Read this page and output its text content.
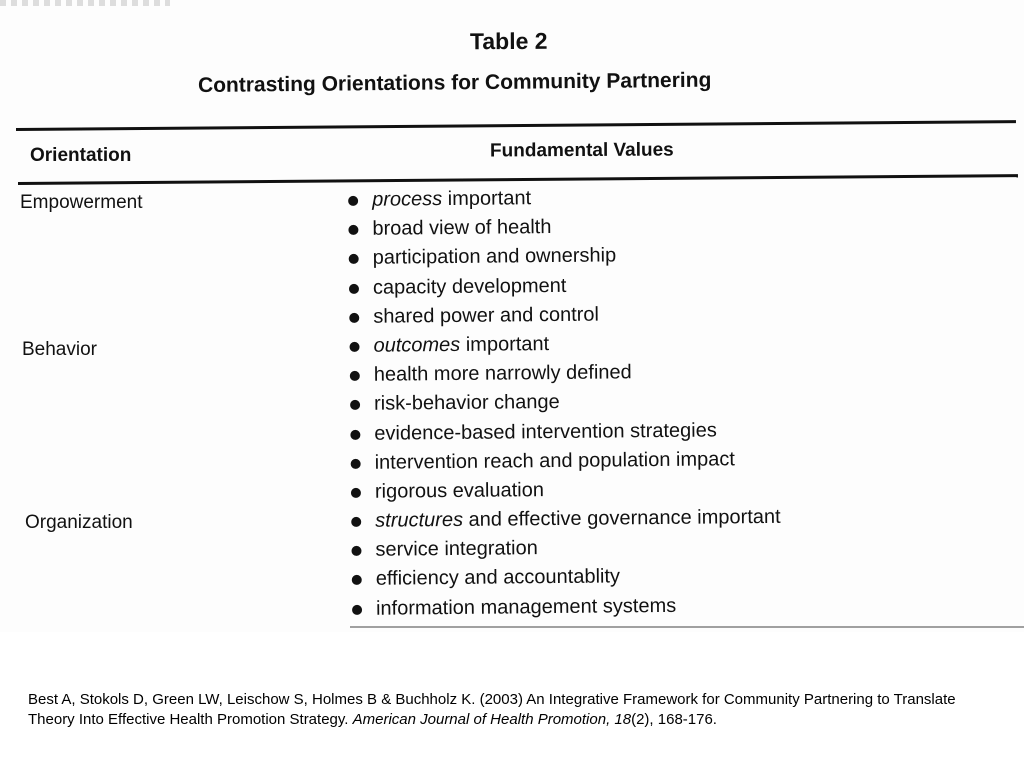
Table 2
Contrasting Orientations for Community Partnering
Orientation	Fundamental Values
Empowerment
Behavior
Organization
process important
broad view of health
participation and ownership
capacity development
shared power and control
outcomes important
health more narrowly defined
risk-behavior change
evidence-based intervention strategies
intervention reach and population impact
rigorous evaluation
structures and effective governance important
service integration
efficiency and accountablity
information management systems
Best A, Stokols D, Green LW, Leischow S, Holmes B & Buchholz K. (2003) An Integrative Framework for Community Partnering to Translate Theory Into Effective Health Promotion Strategy. American Journal of Health Promotion, 18(2), 168-176.
